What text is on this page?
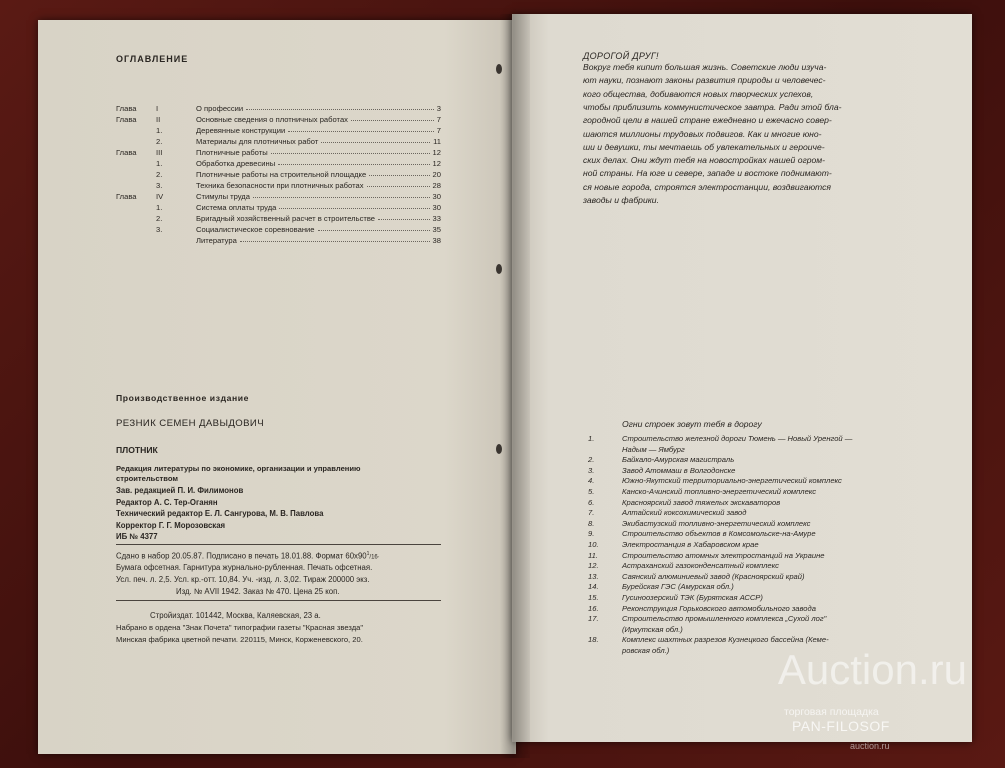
ОГЛАВЛЕНИЕ
Глава	I	О профессии	3
Глава	II	Основные сведения о плотничных работах	7
1.	Деревянные конструкции	7
2.	Материалы для плотничных работ	11
Глава	III	Плотничные работы	12
1.	Обработка древесины	12
2.	Плотничные работы на строительной площадке	20
3.	Техника безопасности при плотничных работах	28
Глава	IV	Стимулы труда	30
1.	Система оплаты труда	30
2.	Бригадный хозяйственный расчет в строительстве	33
3.	Социалистическое соревнование	35
Литература	38
Производственное издание
РЕЗНИК СЕМЕН ДАВЫДОВИЧ
ПЛОТНИК
Редакция литературы по экономике, организации и управлению
строительством
Зав. редакцией П. И. Филимонов
Редактор А. С. Тер-Оганян
Технический редактор Е. Л. Сангурова, М. В. Павлова
Корректор Г. Г. Морозовская
ИБ № 4377
Сдано в набор 20.05.87. Подписано в печать 18.01.88. Формат $60х90^1/16\cdot$
Бумага офсетная. Гарнитура журнально-рубленная. Печать офсетная.
Усл. печ. л. 2,5. Усл. кр.-отт. 10,84. Уч. -изд. л. 3,02. Тираж 200000 экз.
Изд. № АVII 1942. Заказ № 470. Цена 25 коп.
Стройиздат. 101442, Москва, Каляевская, 23 а.
Набрано в ордена "Знак Почета" типографии газеты "Красная звезда"
Минская фабрика цветной печати. 220115, Минск, Корженевского, 20.
ДОРОГОЙ ДРУГ!
Вокруг тебя кипит большая жизнь. Советские люди изуча-
ют науки, познают законы развития природы и человечес-
кого общества, добиваются новых творческих успехов,
чтобы приблизить коммунистическое завтра. Ради этой бла-
городной цели в нашей стране ежедневно и ежечасно совер-
шаются миллионы трудовых подвигов. Как и многие юно-
ши и девушки, ты мечтаешь об увлекательных и героиче-
ских делах. Они ждут тебя на новостройках нашей огром-
ной страны. На юге и севере, западе и востоке поднимают-
ся новые города, строятся электростанции, воздвигаются
заводы и фабрики.
Огни строек зовут тебя в дорогу
1.	Строительство железной дороги Тюмень — Новый Уренгой —
Надым — Ямбург
2.	Байкало-Амурская магистраль
3.	Завод Атоммаш в Волгодонске
4.	Южно-Якутский территориально-энергетический комплекс
5.	Канско-Ачинский топливно-энергетический комплекс
6.	Красноярский завод тяжелых экскаваторов
7.	Алтайский коксохимический завод
8.	Экибастузский топливно-энергетический комплекс
9.	Строительство объектов в Комсомольске-на-Амуре
10.	Электростанция в Хабаровском крае
11.	Строительство атомных электростанций на Украине
12.	Астраханский газоконденсатный комплекс
13.	Саянский алюминиевый завод (Красноярский край)
14.	Бурейская ГЭС (Амурская обл.)
15.	Гусиноозерский ТЭК (Бурятская АССР)
16.	Реконструкция Горьковского автомобильного завода
17.	Строительство промышленного комплекса „Сухой лог"
(Иркутская обл.)
18.	Комплекс шахтных разрезов Кузнецкого бассейна (Кеме-
ровская обл.)	Auction.ru
торговая площадка
PAN-FILOSOF
auction.ru
